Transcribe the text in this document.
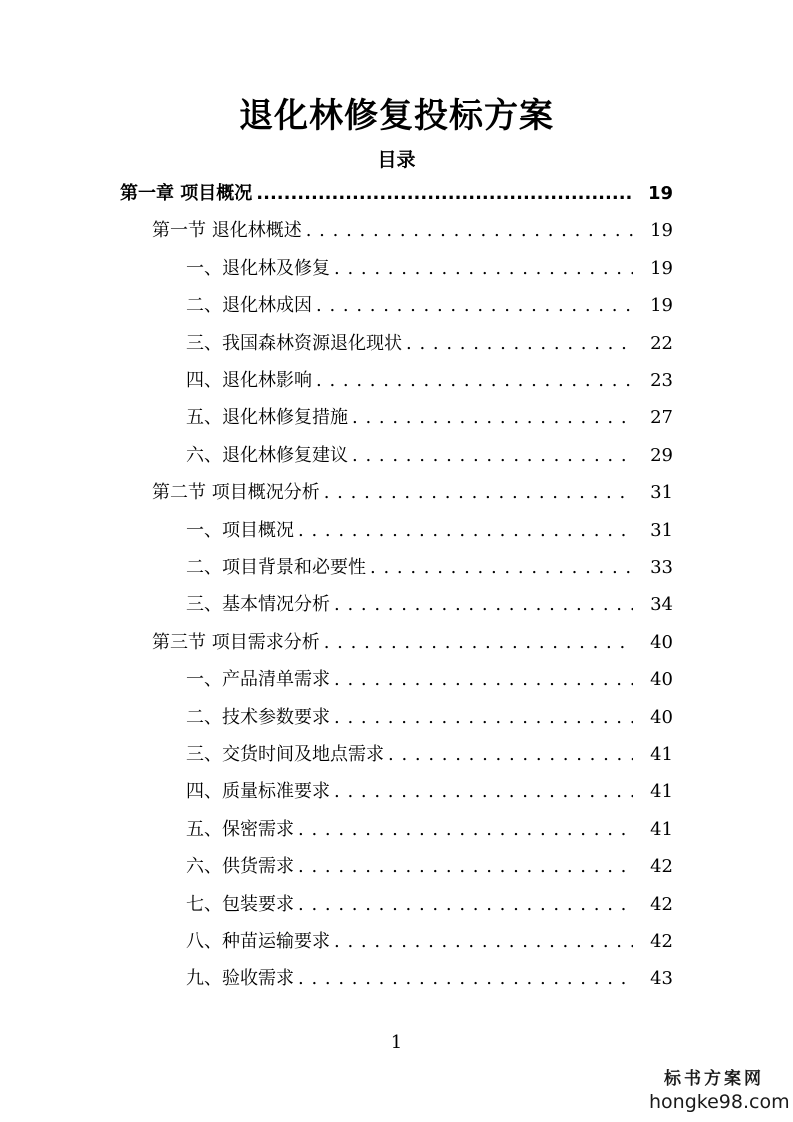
退化林修复投标方案
目录
第一章 项目概况 .....	19
第一节 退化林概述 . . .	19
一、退化林及修复 . . .	19
二、退化林成因 . . .	19
三、我国森林资源退化现状 . . .	22
四、退化林影响 . . .	23
五、退化林修复措施 . . .	27
六、退化林修复建议 . . .	29
第二节 项目概况分析 . . .	31
一、项目概况 . . .	31
二、项目背景和必要性 . . .	33
三、基本情况分析 . . .	34
第三节 项目需求分析 . . .	40
一、产品清单需求 . . .	40
二、技术参数要求 . . .	40
三、交货时间及地点需求 . . .	41
四、质量标准要求 . . .	41
五、保密需求 . . .	41
六、供货需求 . . .	42
七、包装要求 . . .	42
八、种苗运输要求 . . .	42
九、验收需求 . . .	43
1
标书方案网
hongke98.com
